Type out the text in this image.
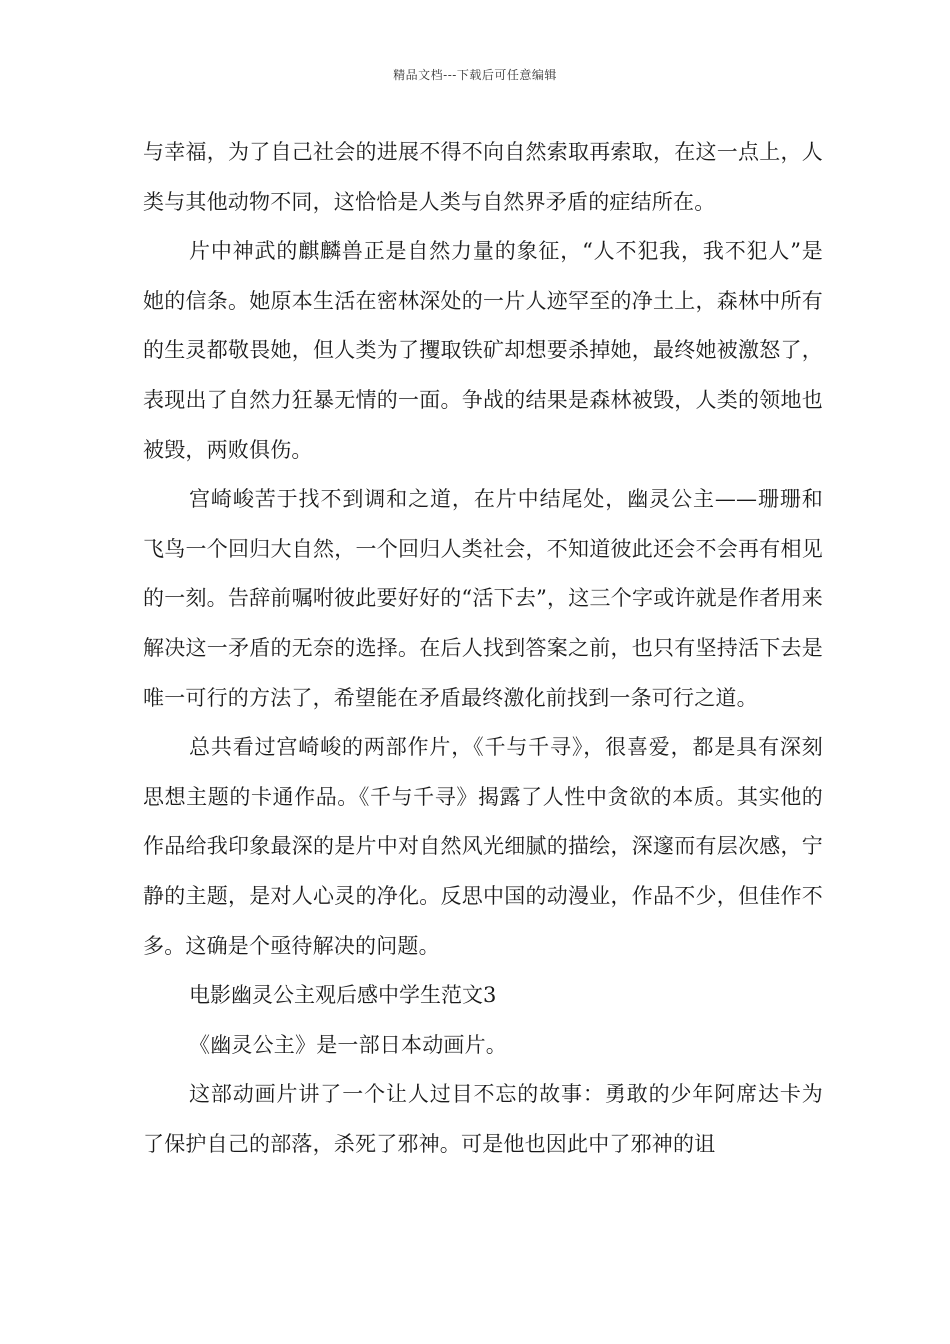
精品文档---下载后可任意编辑

与幸福，为了自己社会的进展不得不向自然索取再索取，在这一点上，人类与其他动物不同，这恰恰是人类与自然界矛盾的症结所在。

片中神武的麒麟兽正是自然力量的象征，“人不犯我，我不犯人”是她的信条。她原本生活在密林深处的一片人迹罕至的净土上，森林中所有的生灵都敬畏她，但人类为了攫取铁矿却想要杀掉她，最终她被激怒了，表现出了自然力狂暴无情的一面。争战的结果是森林被毁，人类的领地也被毁，两败俱伤。

宫崎峻苦于找不到调和之道，在片中结尾处，幽灵公主——珊珊和飞鸟一个回归大自然，一个回归人类社会，不知道彼此还会不会再有相见的一刻。告辞前嘱咐彼此要好好的“活下去”，这三个字或许就是作者用来解决这一矛盾的无奈的选择。在后人找到答案之前，也只有坚持活下去是唯一可行的方法了，希望能在矛盾最终激化前找到一条可行之道。

总共看过宫崎峻的两部作片，《千与千寻》，很喜爱，都是具有深刻思想主题的卡通作品。《千与千寻》揭露了人性中贪欲的本质。其实他的作品给我印象最深的是片中对自然风光细腻的描绘，深邃而有层次感，宁静的主题，是对人心灵的净化。反思中国的动漫业，作品不少，但佳作不多。这确是个亟待解决的问题。

电影幽灵公主观后感中学生范文3

《幽灵公主》是一部日本动画片。

这部动画片讲了一个让人过目不忘的故事：勇敢的少年阿席达卡为了保护自己的部落，杀死了邪神。可是他也因此中了邪神的诅
